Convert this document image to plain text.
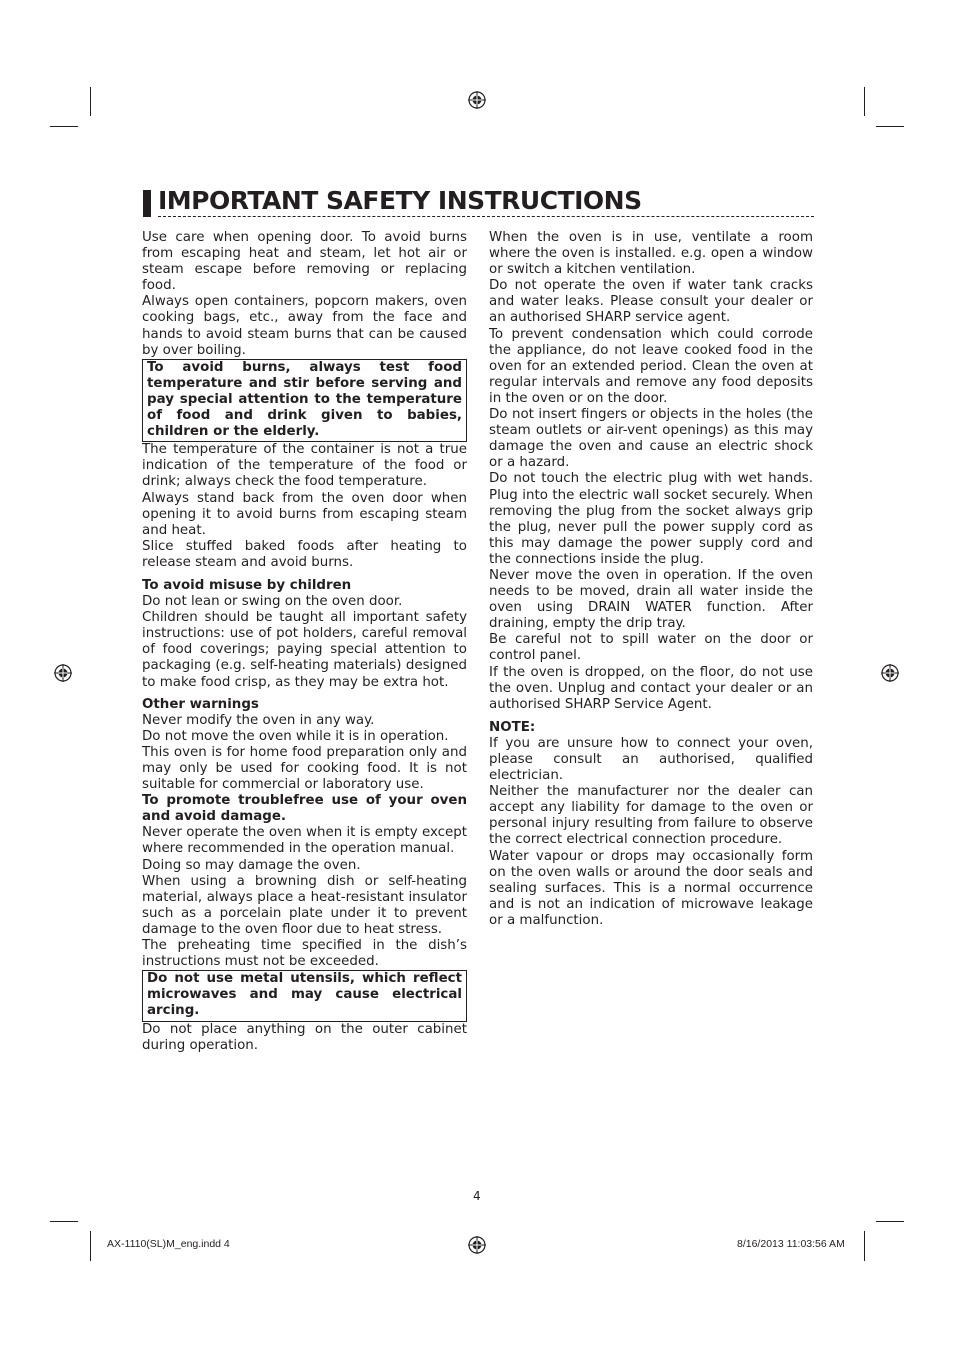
IMPORTANT SAFETY INSTRUCTIONS

Use care when opening door. To avoid burns from escaping heat and steam, let hot air or steam escape before removing or replacing food.

Always open containers, popcorn makers, oven cooking bags, etc., away from the face and hands to avoid steam burns that can be caused by over boiling.

To avoid burns, always test food temperature and stir before serving and pay special attention to the temperature of food and drink given to babies, children or the elderly.

The temperature of the container is not a true indication of the temperature of the food or drink; always check the food temperature.

Always stand back from the oven door when opening it to avoid burns from escaping steam and heat.

Slice stuffed baked foods after heating to release steam and avoid burns.

To avoid misuse by children

Do not lean or swing on the oven door.

Children should be taught all important safety instructions: use of pot holders, careful removal of food coverings; paying special attention to packaging (e.g. self-heating materials) designed to make food crisp, as they may be extra hot.

Other warnings

Never modify the oven in any way.

Do not move the oven while it is in operation.

This oven is for home food preparation only and may only be used for cooking food. It is not suitable for commercial or laboratory use.

To promote troublefree use of your oven and avoid damage.

Never operate the oven when it is empty except where recommended in the operation manual.

Doing so may damage the oven.

When using a browning dish or self-heating material, always place a heat-resistant insulator such as a porcelain plate under it to prevent damage to the oven floor due to heat stress.

The preheating time specified in the dish’s instructions must not be exceeded.

Do not use metal utensils, which reflect microwaves and may cause electrical arcing.

Do not place anything on the outer cabinet during operation.

When the oven is in use, ventilate a room where the oven is installed. e.g. open a window or switch a kitchen ventilation.

Do not operate the oven if water tank cracks and water leaks. Please consult your dealer or an authorised SHARP service agent.

To prevent condensation which could corrode the appliance, do not leave cooked food in the oven for an extended period. Clean the oven at regular intervals and remove any food deposits in the oven or on the door.

Do not insert fingers or objects in the holes (the steam outlets or air-vent openings) as this may damage the oven and cause an electric shock or a hazard.

Do not touch the electric plug with wet hands. Plug into the electric wall socket securely. When removing the plug from the socket always grip the plug, never pull the power supply cord as this may damage the power supply cord and the connections inside the plug.

Never move the oven in operation. If the oven needs to be moved, drain all water inside the oven using DRAIN WATER function. After draining, empty the drip tray.

Be careful not to spill water on the door or control panel.

If the oven is dropped, on the floor, do not use the oven. Unplug and contact your dealer or an authorised SHARP Service Agent.

NOTE:

If you are unsure how to connect your oven, please consult an authorised, qualified electrician.

Neither the manufacturer nor the dealer can accept any liability for damage to the oven or personal injury resulting from failure to observe the correct electrical connection procedure.

Water vapour or drops may occasionally form on the oven walls or around the door seals and sealing surfaces. This is a normal occurrence and is not an indication of microwave leakage or a malfunction.

4
AX-1110(SL)M_eng.indd 4	8/16/2013 11:03:56 AM
